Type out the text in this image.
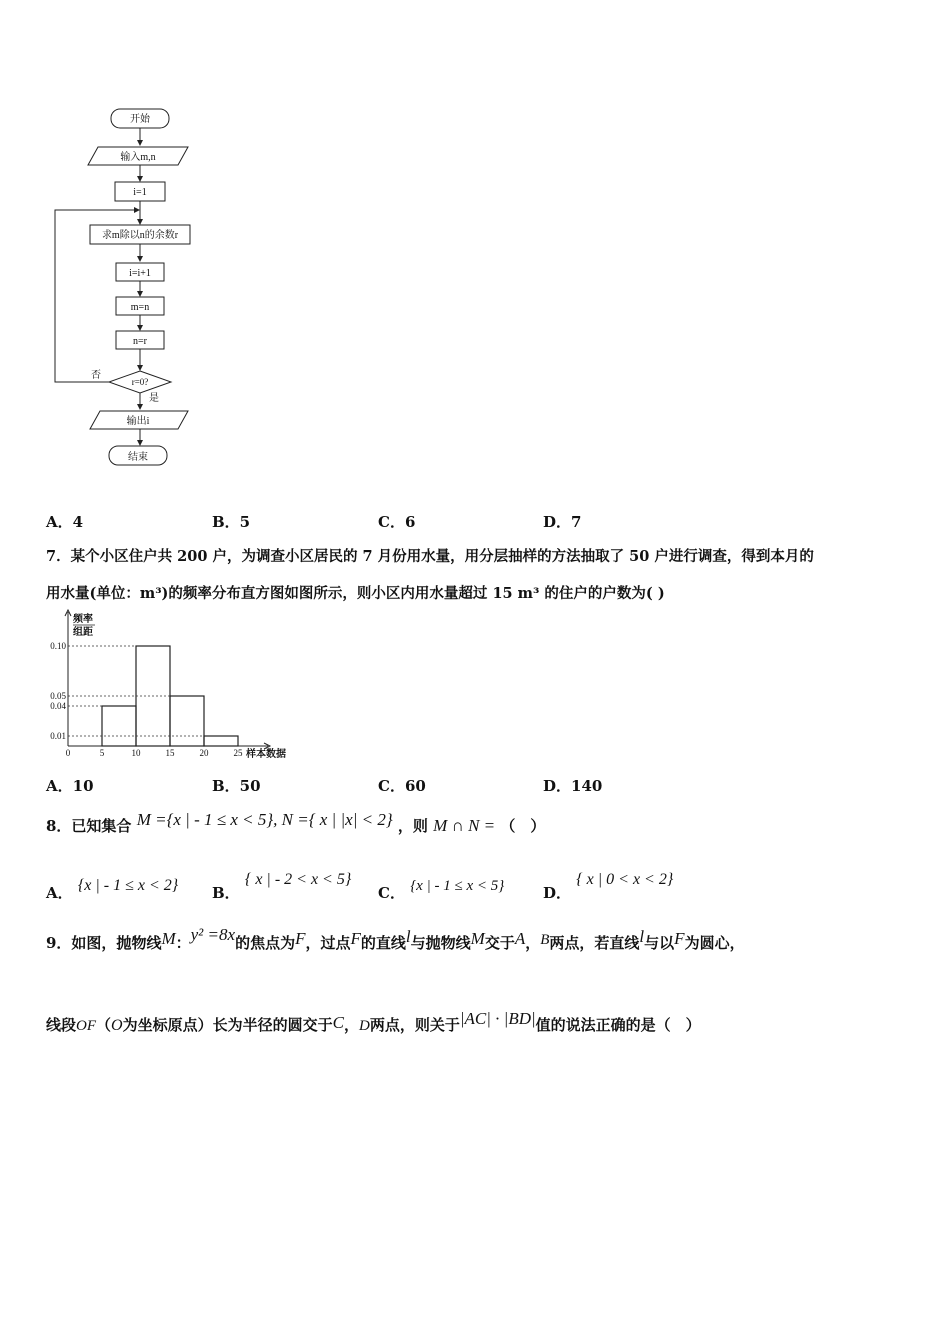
开始
输入m,n
i=1
求m除以n的余数r
i=i+1
m=n
n=r
r=0?
否
是
输出i
结束
A．4	B．5	C．6	D．7
7．某个小区住户共 200 户，为调查小区居民的 7 月份用水量，用分层抽样的方法抽取了 50 户进行调查，得到本月的
用水量(单位：m³)的频率分布直方图如图所示，则小区内用水量超过 15 m³ 的住户的户数为( )
0.01
0.04
0.05
0.10
0	5	10	15	20	25
频率
组距
样本数据
A．10	B．50	C．60	D．140
8．已知集合 M ={x | - 1 ≤ x < 5}, N ={ x | |x| < 2} ，则 M ∩ N = （　）
A． {x | - 1 ≤ x < 2} B． { x | - 2 < x < 5}
C． {x | - 1 ≤ x < 5}	D． { x | 0 < x < 2}
9．如图，抛物线M：y² =8x的焦点为F，过点F的直线l与抛物线M交于A，B两点，若直线l与以F为圆心，
线段OF（O为坐标原点）长为半径的圆交于C，D两点，则关于|AC| · |BD|值的说法正确的是（　）
